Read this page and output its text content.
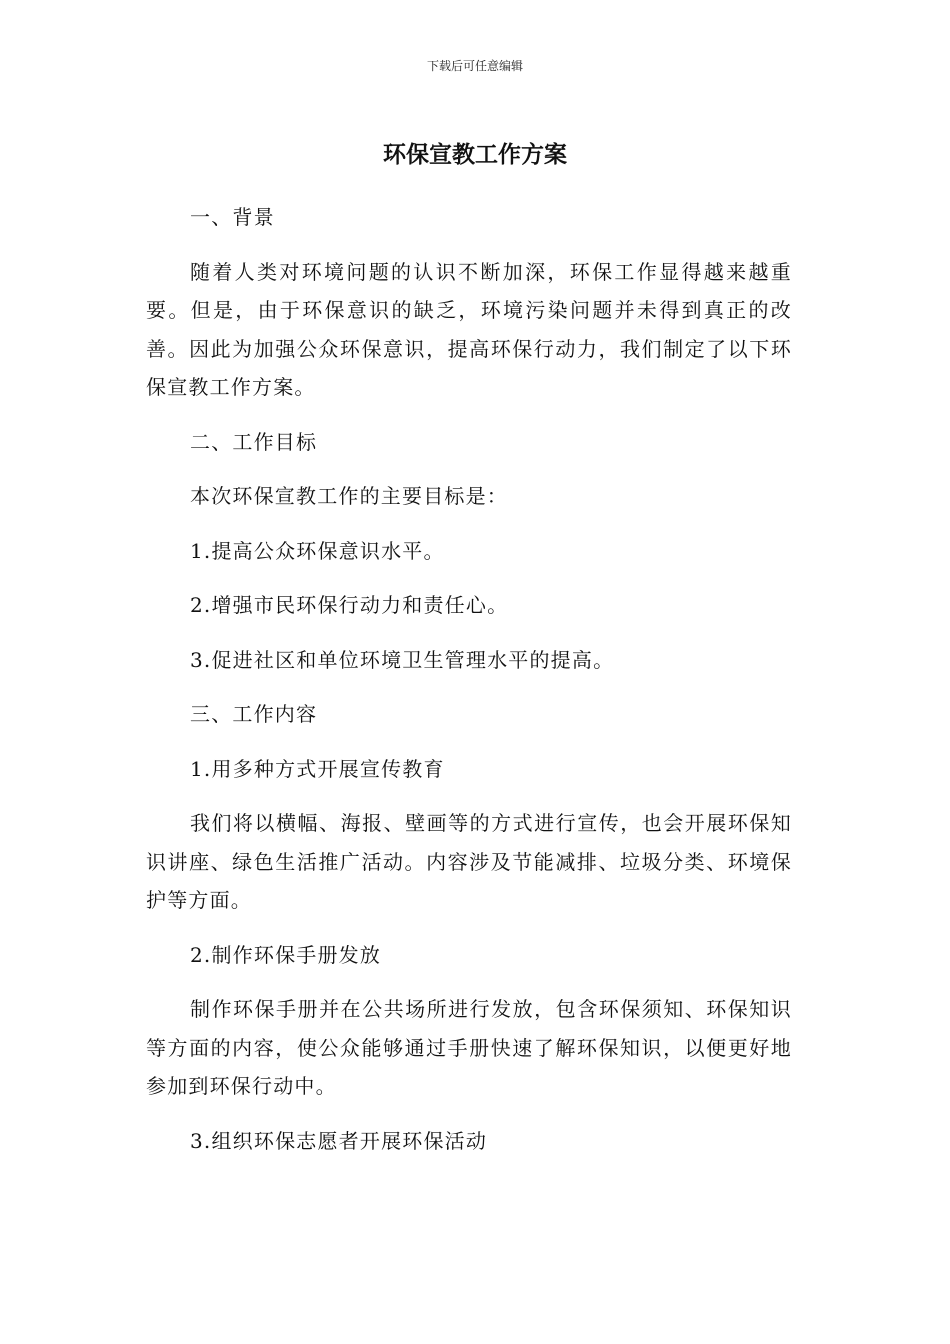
下载后可任意编辑
环保宣教工作方案

一、背景

随着人类对环境问题的认识不断加深，环保工作显得越来越重要。但是，由于环保意识的缺乏，环境污染问题并未得到真正的改善。因此为加强公众环保意识，提高环保行动力，我们制定了以下环保宣教工作方案。

二、工作目标

本次环保宣教工作的主要目标是：

1.提高公众环保意识水平。

2.增强市民环保行动力和责任心。

3.促进社区和单位环境卫生管理水平的提高。

三、工作内容

1.用多种方式开展宣传教育

我们将以横幅、海报、壁画等的方式进行宣传，也会开展环保知识讲座、绿色生活推广活动。内容涉及节能减排、垃圾分类、环境保护等方面。

2.制作环保手册发放

制作环保手册并在公共场所进行发放，包含环保须知、环保知识等方面的内容，使公众能够通过手册快速了解环保知识，以便更好地参加到环保行动中。

3.组织环保志愿者开展环保活动
